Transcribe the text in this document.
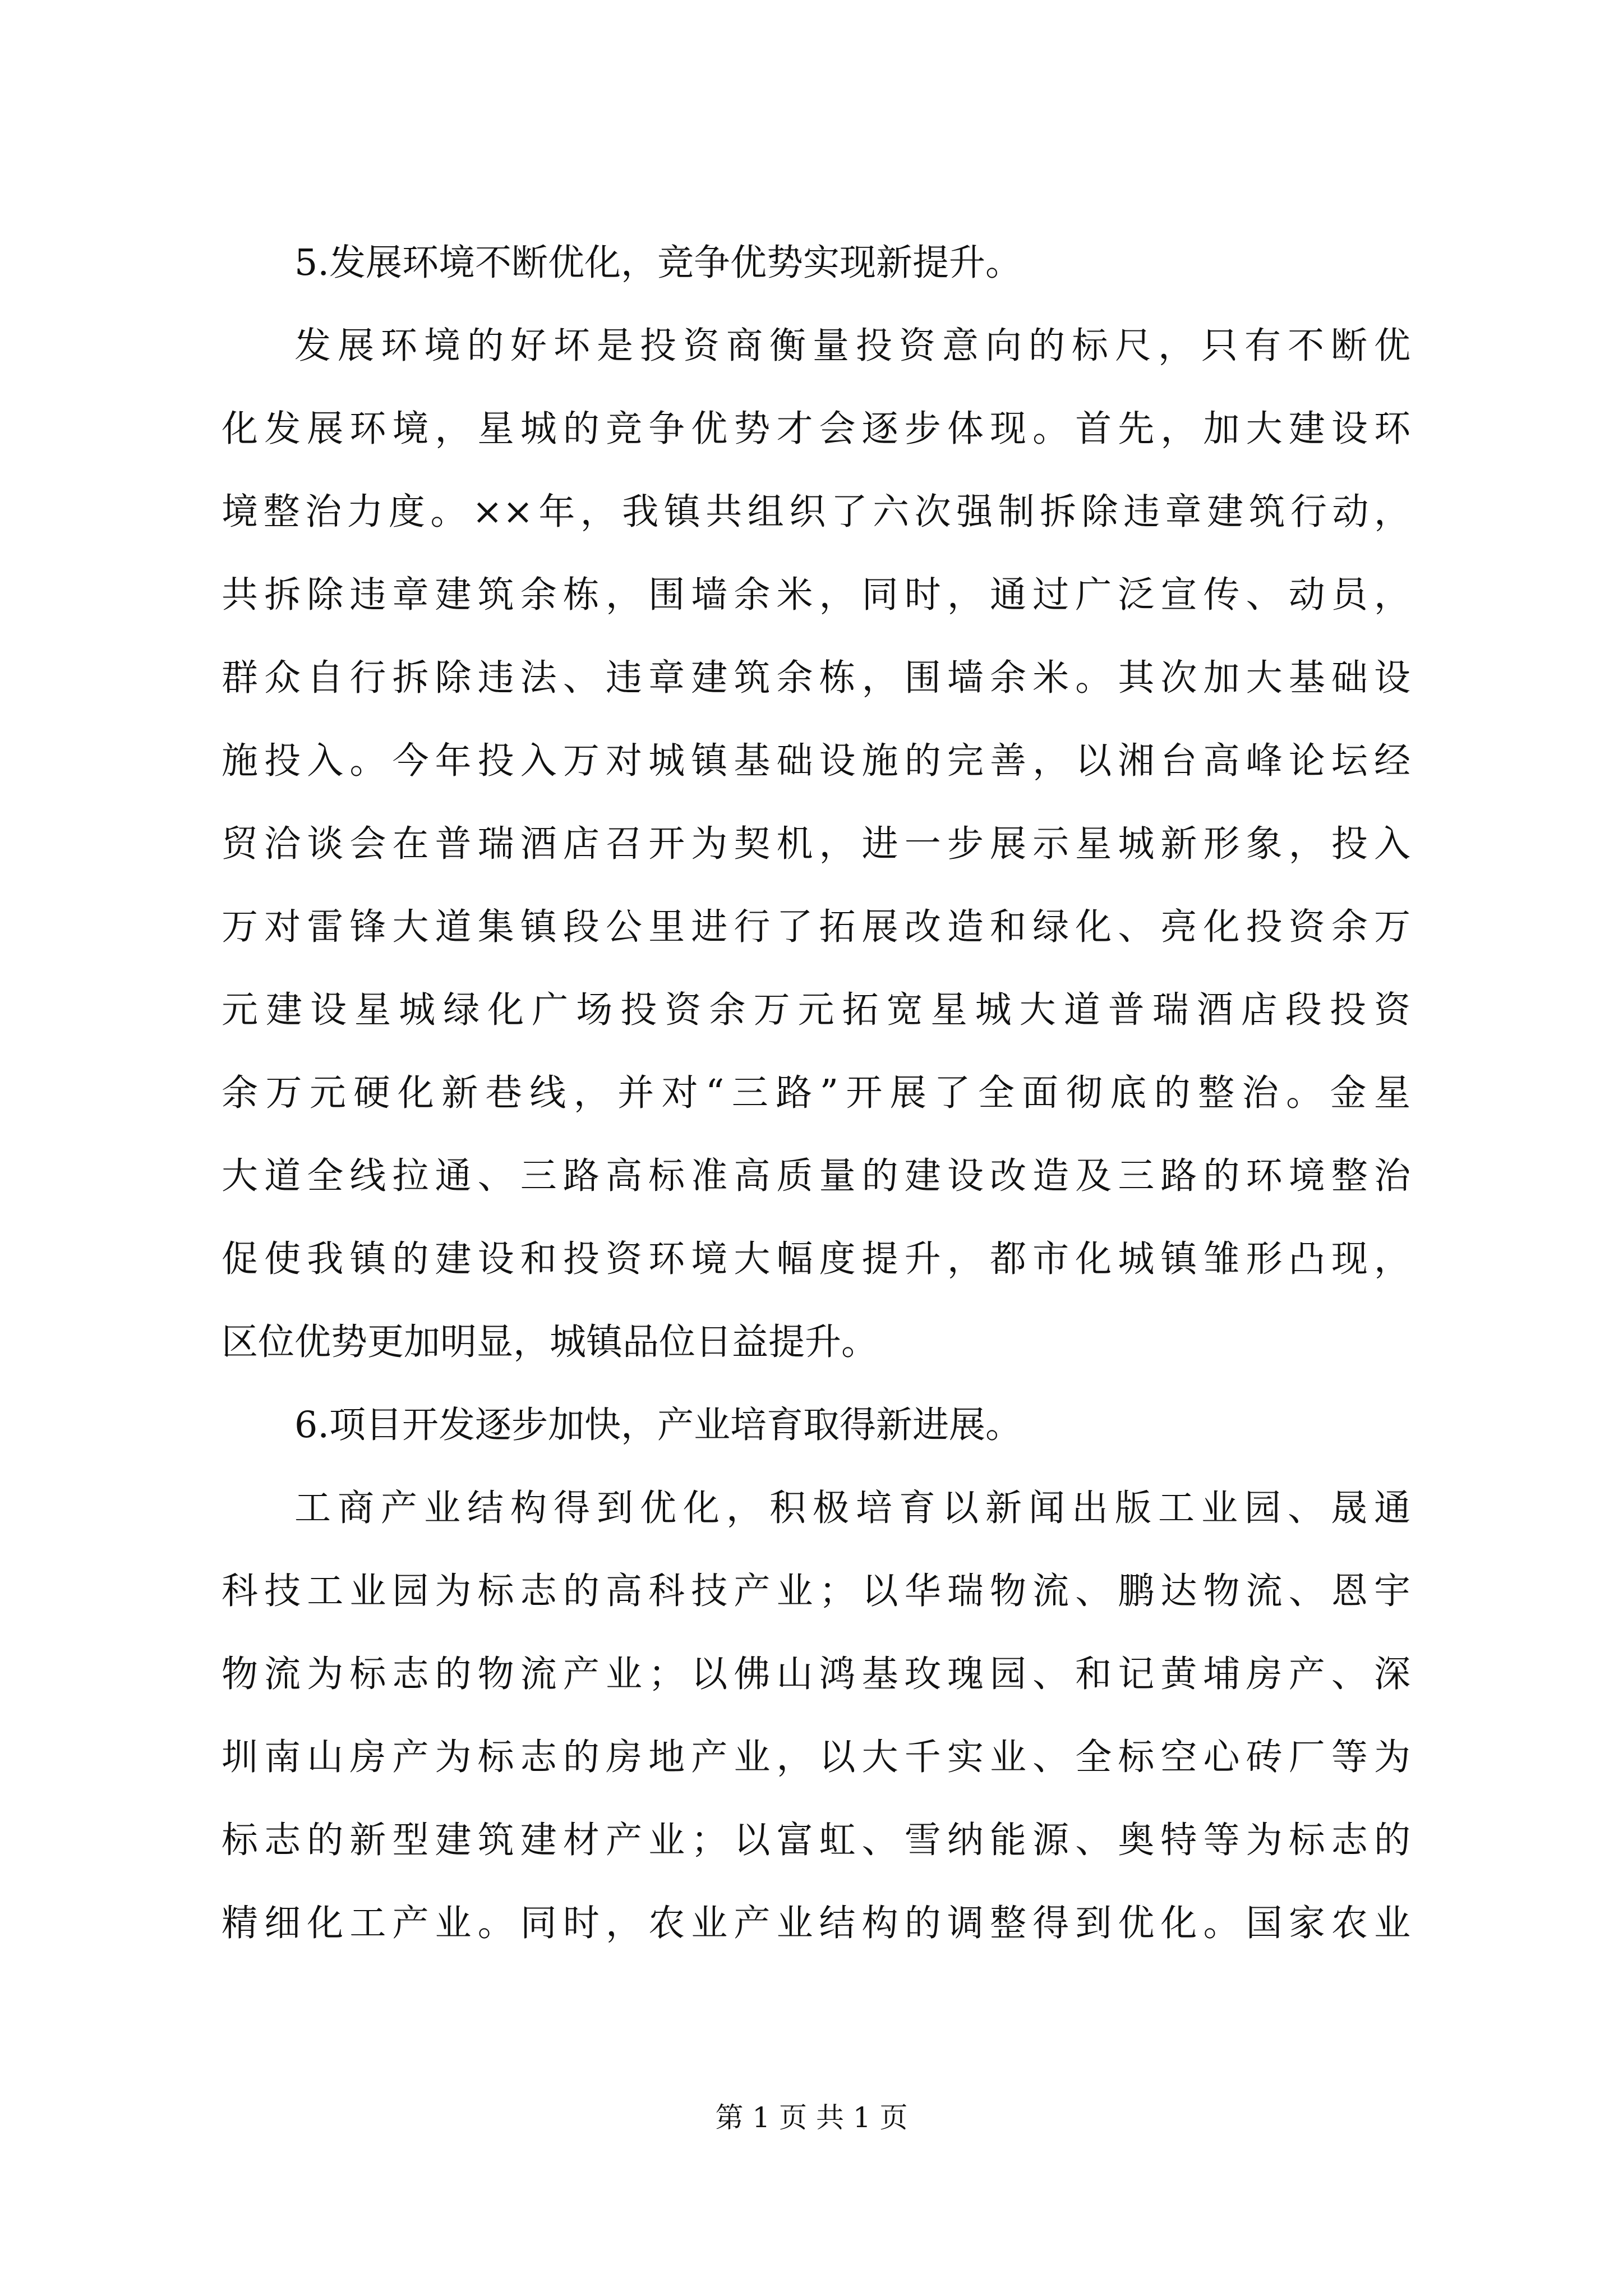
5.发展环境不断优化，竞争优势实现新提升。
发展环境的好坏是投资商衡量投资意向的标尺，只有不断优
化发展环境，星城的竞争优势才会逐步体现。首先，加大建设环
境整治力度。××年，我镇共组织了六次强制拆除违章建筑行动，
共拆除违章建筑余栋，围墙余米，同时，通过广泛宣传、动员，
群众自行拆除违法、违章建筑余栋，围墙余米。其次加大基础设
施投入。今年投入万对城镇基础设施的完善，以湘台高峰论坛经
贸洽谈会在普瑞酒店召开为契机，进一步展示星城新形象，投入
万对雷锋大道集镇段公里进行了拓展改造和绿化、亮化投资余万
元建设星城绿化广场投资余万元拓宽星城大道普瑞酒店段投资
余万元硬化新巷线，并对“三路”开展了全面彻底的整治。金星
大道全线拉通、三路高标准高质量的建设改造及三路的环境整治
促使我镇的建设和投资环境大幅度提升，都市化城镇雏形凸现，
区位优势更加明显，城镇品位日益提升。
6.项目开发逐步加快，产业培育取得新进展。
工商产业结构得到优化，积极培育以新闻出版工业园、晟通
科技工业园为标志的高科技产业；以华瑞物流、鹏达物流、恩宇
物流为标志的物流产业；以佛山鸿基玫瑰园、和记黄埔房产、深
圳南山房产为标志的房地产业，以大千实业、全标空心砖厂等为
标志的新型建筑建材产业；以富虹、雪纳能源、奥特等为标志的
精细化工产业。同时，农业产业结构的调整得到优化。国家农业
第 1 页 共 1 页
